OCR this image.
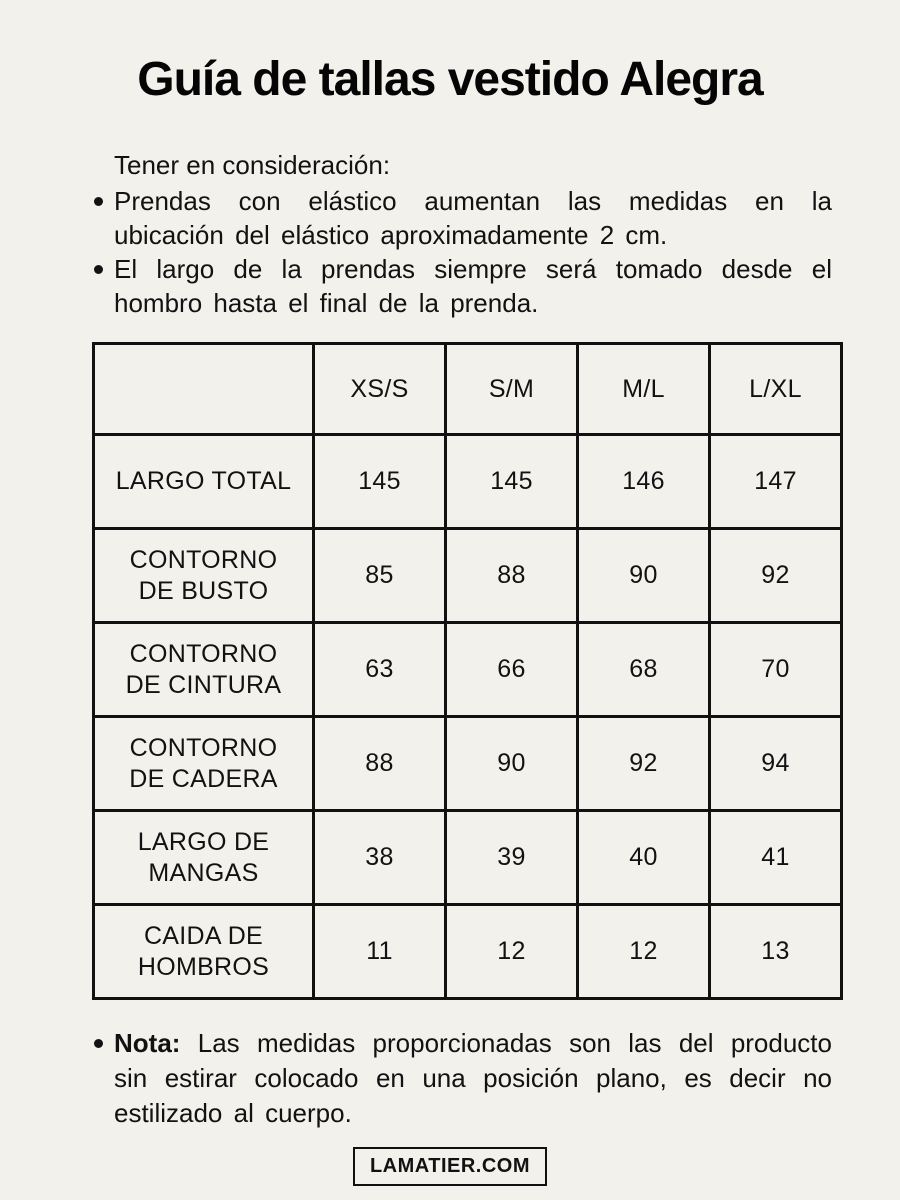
Guía de tallas vestido Alegra

Tener en consideración:

Prendas con elástico aumentan las medidas en la ubicación del elástico aproximadamente 2 cm.

El largo de la prendas siempre será tomado desde el hombro hasta el final de la prenda.

	XS/S	S/M	M/L	L/XL
LARGO TOTAL	145	145	146	147
CONTORNO DE BUSTO	85	88	90	92
CONTORNO DE CINTURA	63	66	68	70
CONTORNO DE CADERA	88	90	92	94
LARGO DE MANGAS	38	39	40	41
CAIDA DE HOMBROS	11	12	12	13

Nota: Las medidas proporcionadas son las del producto sin estirar colocado en una posición plano, es decir no estilizado al cuerpo.

LAMATIER.COM
